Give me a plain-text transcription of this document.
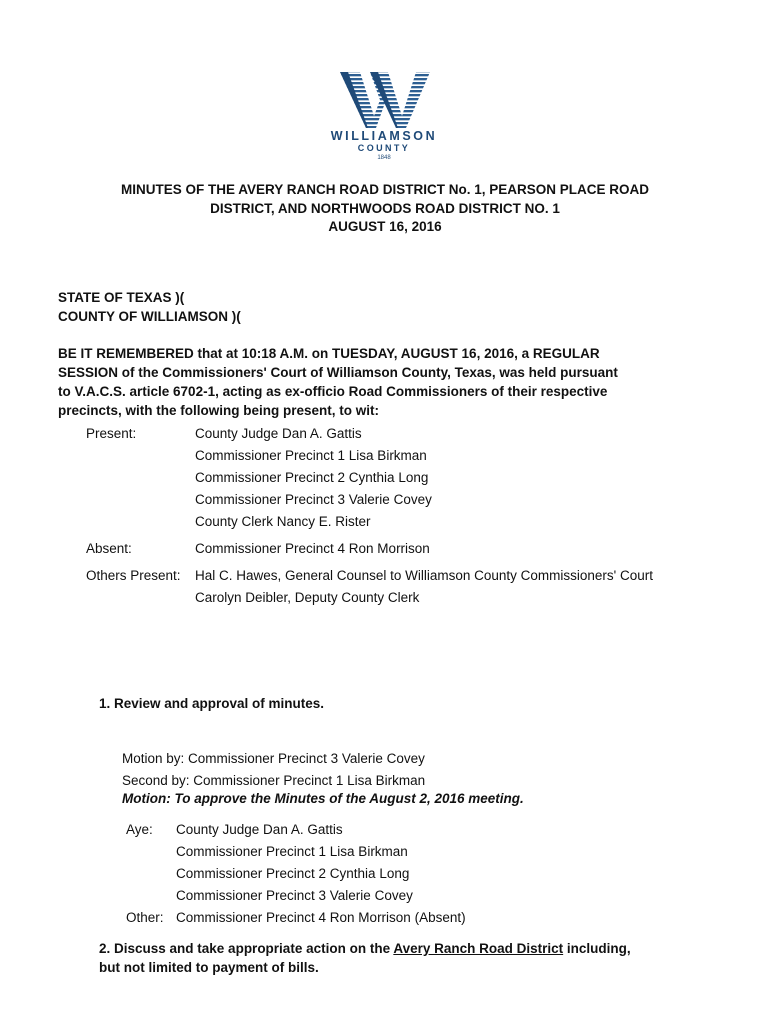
WILLIAMSON
COUNTY
1848
MINUTES OF THE AVERY RANCH ROAD DISTRICT No. 1, PEARSON PLACE ROAD
DISTRICT, AND NORTHWOODS ROAD DISTRICT NO. 1
AUGUST 16, 2016
STATE OF TEXAS )(
COUNTY OF WILLIAMSON )(
BE IT REMEMBERED that at 10:18 A.M. on TUESDAY, AUGUST 16, 2016, a REGULAR
SESSION of the Commissioners' Court of Williamson County, Texas, was held pursuant
to V.A.C.S. article 6702-1, acting as ex-officio Road Commissioners of their respective
precincts, with the following being present, to wit:
Present:	County Judge Dan A. Gattis
Commissioner Precinct 1 Lisa Birkman
Commissioner Precinct 2 Cynthia Long
Commissioner Precinct 3 Valerie Covey
County Clerk Nancy E. Rister
Absent:	Commissioner Precinct 4 Ron Morrison
Others Present: Hal C. Hawes, General Counsel to Williamson County Commissioners' Court
Carolyn Deibler, Deputy County Clerk
1. Review and approval of minutes.
Motion by: Commissioner Precinct 3 Valerie Covey
Second by: Commissioner Precinct 1 Lisa Birkman
Motion: To approve the Minutes of the August 2, 2016 meeting.
Aye: County Judge Dan A. Gattis
Commissioner Precinct 1 Lisa Birkman
Commissioner Precinct 2 Cynthia Long
Commissioner Precinct 3 Valerie Covey
Other: Commissioner Precinct 4 Ron Morrison (Absent)
2. Discuss and take appropriate action on the Avery Ranch Road District including,
but not limited to payment of bills.
